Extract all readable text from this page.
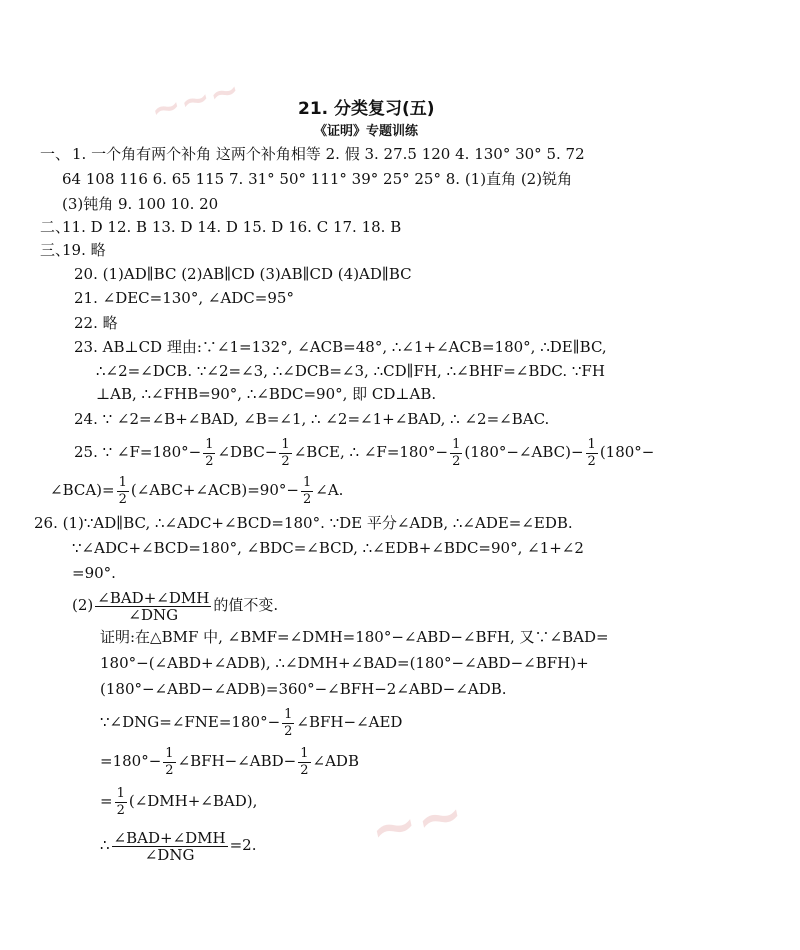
~~~
~~
21. 分类复习(五)
《证明》专题训练
一、 1. 一个角有两个补角 这两个补角相等 2. 假 3. 27.5 120 4. 130° 30° 5. 72
64 108 116 6. 65 115 7. 31° 50° 111° 39° 25° 25° 8. (1)直角 (2)锐角
(3)钝角 9. 100 10. 20
二、
11. D 12. B 13. D 14. D 15. D 16. C 17. 18. B
三、
19. 略
20. (1)AD∥BC (2)AB∥CD (3)AB∥CD (4)AD∥BC
21. ∠DEC=130°, ∠ADC=95°
22. 略
23. AB⊥CD 理由:∵∠1=132°, ∠ACB=48°, ∴∠1+∠ACB=180°, ∴DE∥BC,
∴∠2=∠DCB. ∵∠2=∠3, ∴∠DCB=∠3, ∴CD∥FH, ∴∠BHF=∠BDC. ∵FH
⊥AB, ∴∠FHB=90°, ∴∠BDC=90°, 即 CD⊥AB.
24. ∵ ∠2=∠B+∠BAD, ∠B=∠1, ∴ ∠2=∠1+∠BAD, ∴ ∠2=∠BAC.
25. ∵ ∠F=180°− $\frac{1}{2}$ ∠DBC− $\frac{1}{2}$ ∠BCE, ∴ ∠F=180°− $\frac{1}{2}$ (180°−∠ABC)− $\frac{1}{2} (180^\circ-$
∠BCA)= $\frac{1}{2}$ (∠ABC+∠ACB)=90°− $\frac{1}{2}$ ∠A.
26. (1)∵AD∥BC, ∴∠ADC+∠BCD=180°. ∵DE 平分∠ADB, ∴∠ADE=∠EDB.
∵∠ADC+∠BCD=180°, ∠BDC=∠BCD, ∴∠EDB+∠BDC=90°, ∠1+∠2
=90°.
$(2) \frac{\text{∠BAD+∠DMH}}{\text{∠DNG}}$ 的值不变.
证明:在△BMF 中, ∠BMF=∠DMH=180°−∠ABD−∠BFH, 又∵∠BAD=
180°−(∠ABD+∠ADB), ∴∠DMH+∠BAD=(180°−∠ABD−∠BFH)+
(180°−∠ABD−∠ADB)=360°−∠BFH−2∠ABD−∠ADB.
∵∠DNG=∠FNE=180°− $\frac{1}{2}$ ∠BFH−∠AED
$=180^\circ- \frac{1}{2}$ ∠BFH−∠ABD− $\frac{1}{2}$ ∠ADB
= $\frac{1}{2}$ (∠DMH+∠BAD),
∴ $\frac{\text{∠BAD+∠DMH}}{\text{∠DNG}} =2$.
